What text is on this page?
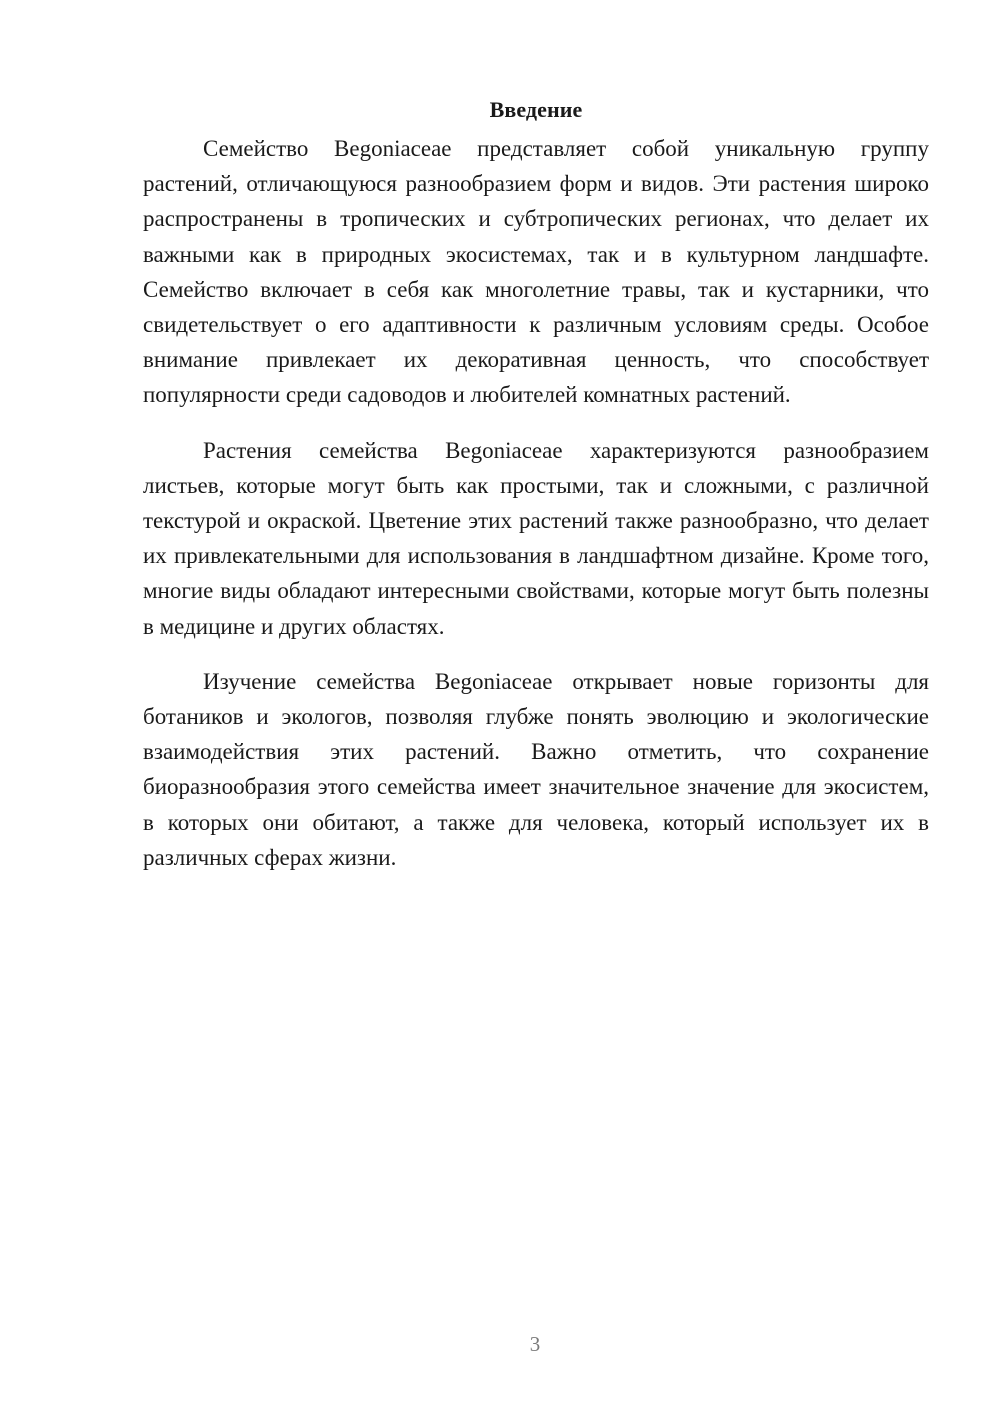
Введение

Семейство Begoniaceae представляет собой уникальную группу растений, отличающуюся разнообразием форм и видов. Эти растения широко распространены в тропических и субтропических регионах, что делает их важными как в природных экосистемах, так и в культурном ландшафте. Семейство включает в себя как многолетние травы, так и кустарники, что свидетельствует о его адаптивности к различным условиям среды. Особое внимание привлекает их декоративная ценность, что способствует популярности среди садоводов и любителей комнатных растений.

Растения семейства Begoniaceae характеризуются разнообразием листьев, которые могут быть как простыми, так и сложными, с различной текстурой и окраской. Цветение этих растений также разнообразно, что делает их привлекательными для использования в ландшафтном дизайне. Кроме того, многие виды обладают интересными свойствами, которые могут быть полезны в медицине и других областях.

Изучение семейства Begoniaceae открывает новые горизонты для ботаников и экологов, позволяя глубже понять эволюцию и экологические взаимодействия этих растений. Важно отметить, что сохранение биоразнообразия этого семейства имеет значительное значение для экосистем, в которых они обитают, а также для человека, который использует их в различных сферах жизни.

3
